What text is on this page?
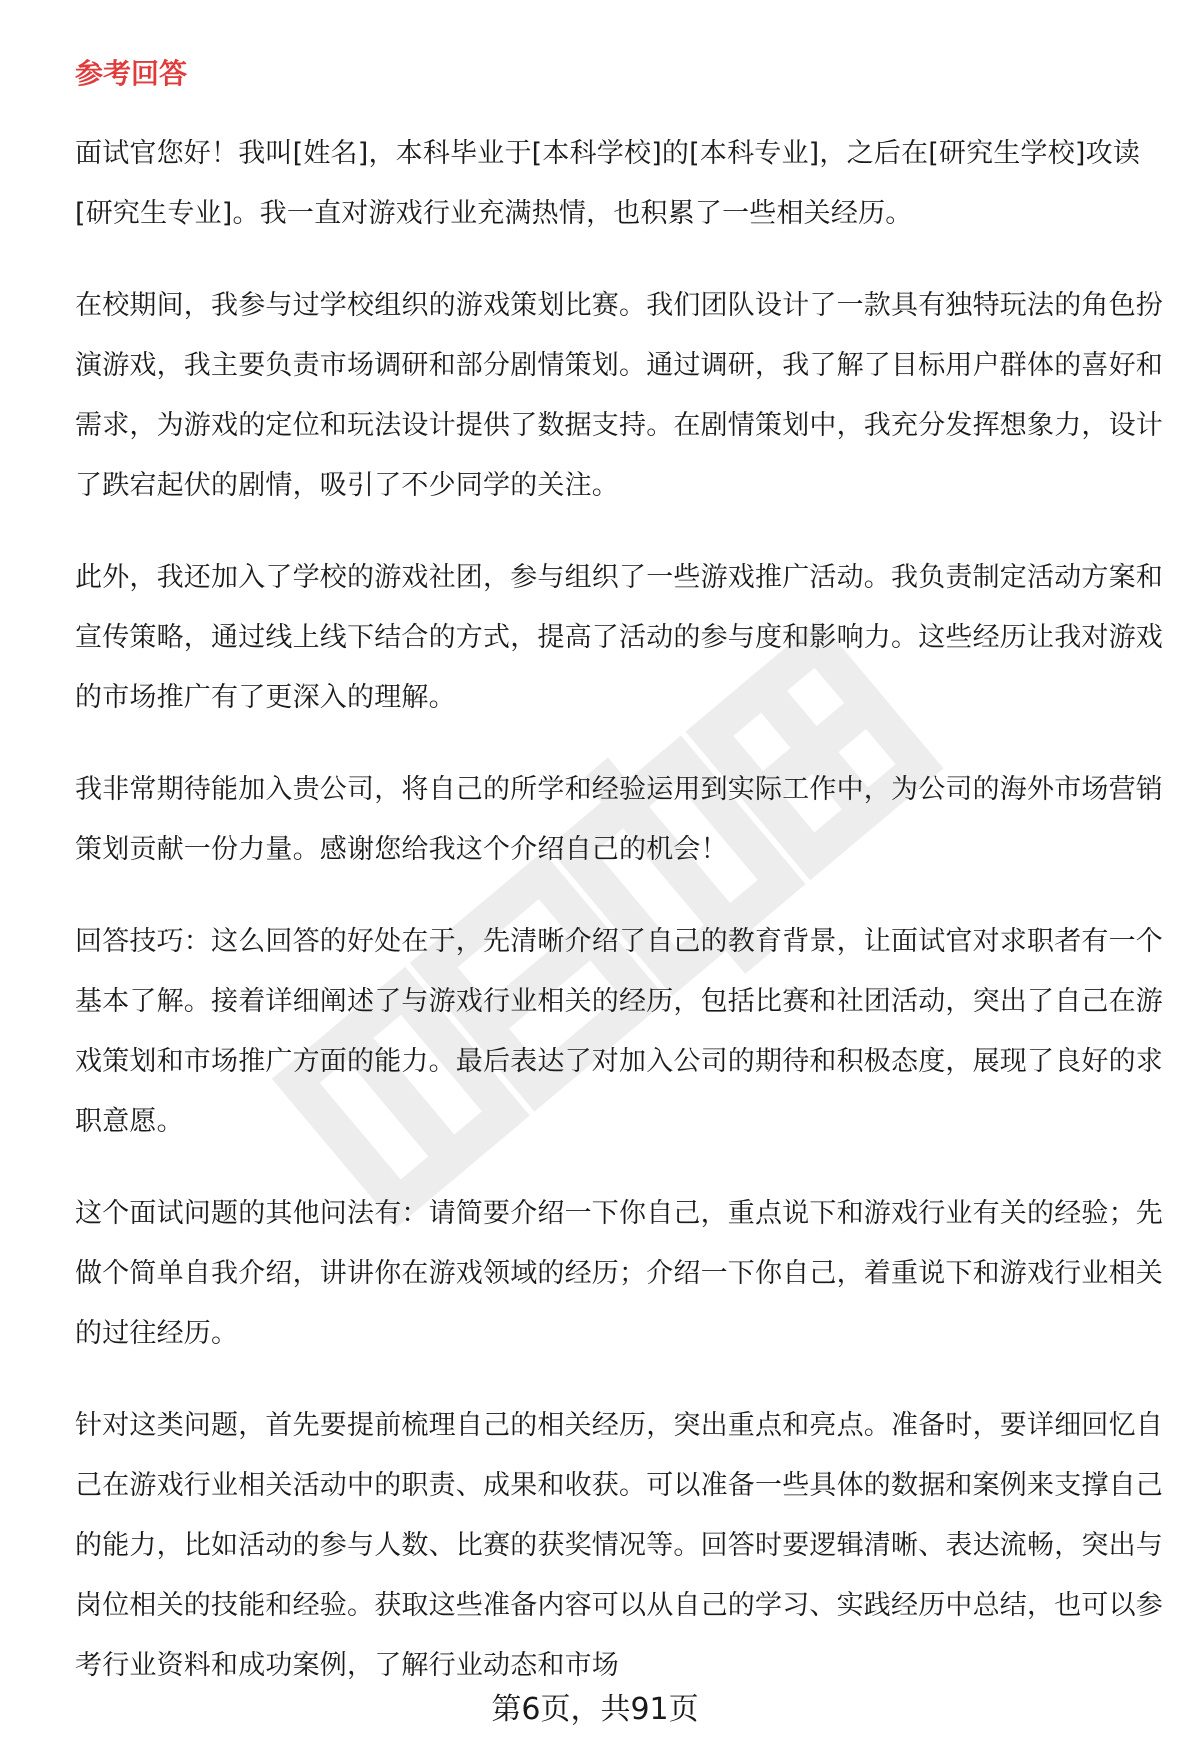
参考回答

面试官您好！我叫[姓名]，本科毕业于[本科学校]的[本科专业]，之后在[研究生学校]攻读[研究生专业]。我一直对游戏行业充满热情，也积累了一些相关经历。

在校期间，我参与过学校组织的游戏策划比赛。我们团队设计了一款具有独特玩法的角色扮演游戏，我主要负责市场调研和部分剧情策划。通过调研，我了解了目标用户群体的喜好和需求，为游戏的定位和玩法设计提供了数据支持。在剧情策划中，我充分发挥想象力，设计了跌宕起伏的剧情，吸引了不少同学的关注。

此外，我还加入了学校的游戏社团，参与组织了一些游戏推广活动。我负责制定活动方案和宣传策略，通过线上线下结合的方式，提高了活动的参与度和影响力。这些经历让我对游戏的市场推广有了更深入的理解。

我非常期待能加入贵公司，将自己的所学和经验运用到实际工作中，为公司的海外市场营销策划贡献一份力量。感谢您给我这个介绍自己的机会！

回答技巧：这么回答的好处在于，先清晰介绍了自己的教育背景，让面试官对求职者有一个基本了解。接着详细阐述了与游戏行业相关的经历，包括比赛和社团活动，突出了自己在游戏策划和市场推广方面的能力。最后表达了对加入公司的期待和积极态度，展现了良好的求职意愿。

这个面试问题的其他问法有：请简要介绍一下你自己，重点说下和游戏行业有关的经验；先做个简单自我介绍，讲讲你在游戏领域的经历；介绍一下你自己，着重说下和游戏行业相关的过往经历。

针对这类问题，首先要提前梳理自己的相关经历，突出重点和亮点。准备时，要详细回忆自己在游戏行业相关活动中的职责、成果和收获。可以准备一些具体的数据和案例来支撑自己的能力，比如活动的参与人数、比赛的获奖情况等。回答时要逻辑清晰、表达流畅，突出与岗位相关的技能和经验。获取这些准备内容可以从自己的学习、实践经历中总结，也可以参考行业资料和成功案例，了解行业动态和市场

第6页，共91页
